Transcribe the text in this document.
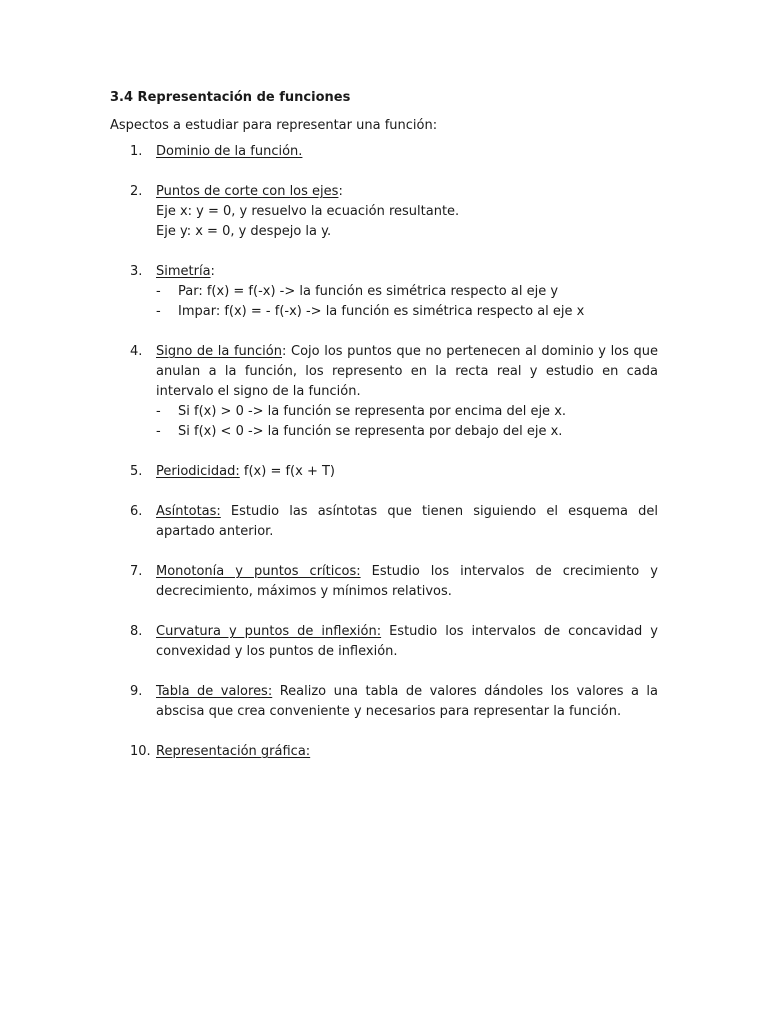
3.4 Representación de funciones
Aspectos a estudiar para representar una función:
1.	Dominio de la función.
2.	Puntos de corte con los ejes:
Eje x: y = 0, y resuelvo la ecuación resultante.
Eje y: x = 0, y despejo la y.
3.	Simetría:
- Par: f(x) = f(-x) -> la función es simétrica respecto al eje y
- Impar: f(x) = - f(-x) -> la función es simétrica respecto al eje x
4.	Signo de la función: Cojo los puntos que no pertenecen al dominio y los que anulan a la función, los represento en la recta real y estudio en cada intervalo el signo de la función.
- Si f(x) > 0 -> la función se representa por encima del eje x.
- Si f(x) < 0 -> la función se representa por debajo del eje x.
5.	Periodicidad: f(x) = f(x + T)
6.	Asíntotas: Estudio las asíntotas que tienen siguiendo el esquema del apartado anterior.
7.	Monotonía y puntos críticos: Estudio los intervalos de crecimiento y decrecimiento, máximos y mínimos relativos.
8.	Curvatura y puntos de inflexión: Estudio los intervalos de concavidad y convexidad y los puntos de inflexión.
9.	Tabla de valores: Realizo una tabla de valores dándoles los valores a la abscisa que crea conveniente y necesarios para representar la función.
10. Representación gráfica:
